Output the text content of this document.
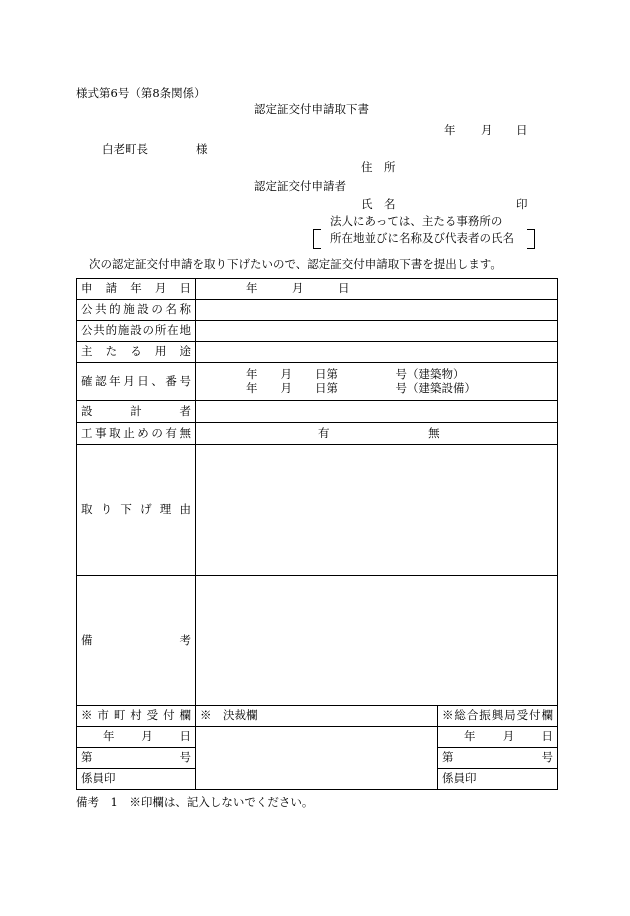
様式第6号（第8条関係）
認定証交付申請取下書
年 月 日
白老町長	様
住　所
認定証交付申請者
氏　名	印
法人にあっては、主たる事務所の
所在地並びに名称及び代表者の氏名
次の認定証交付申請を取り下げたいので、認定証交付申請取下書を提出します。
申請年月日	年　　　月　　　日	
公共的施設の名称		
公共的施設の所在地		
主たる用途		
確認年月日、番号	年　　月　　日第　　　　　号（建築物）
年　　月　　日第　　　　　号（建築設備）	

設計者		
工事取止めの有無	有 無	
取り下げ理由		
備考		
※市町村受付欄	※　決裁欄	※総合振興局受付欄

年 月 日		年 月 日

第 号		第 号

係員印		係員印
備考　1　※印欄は、記入しないでください。
